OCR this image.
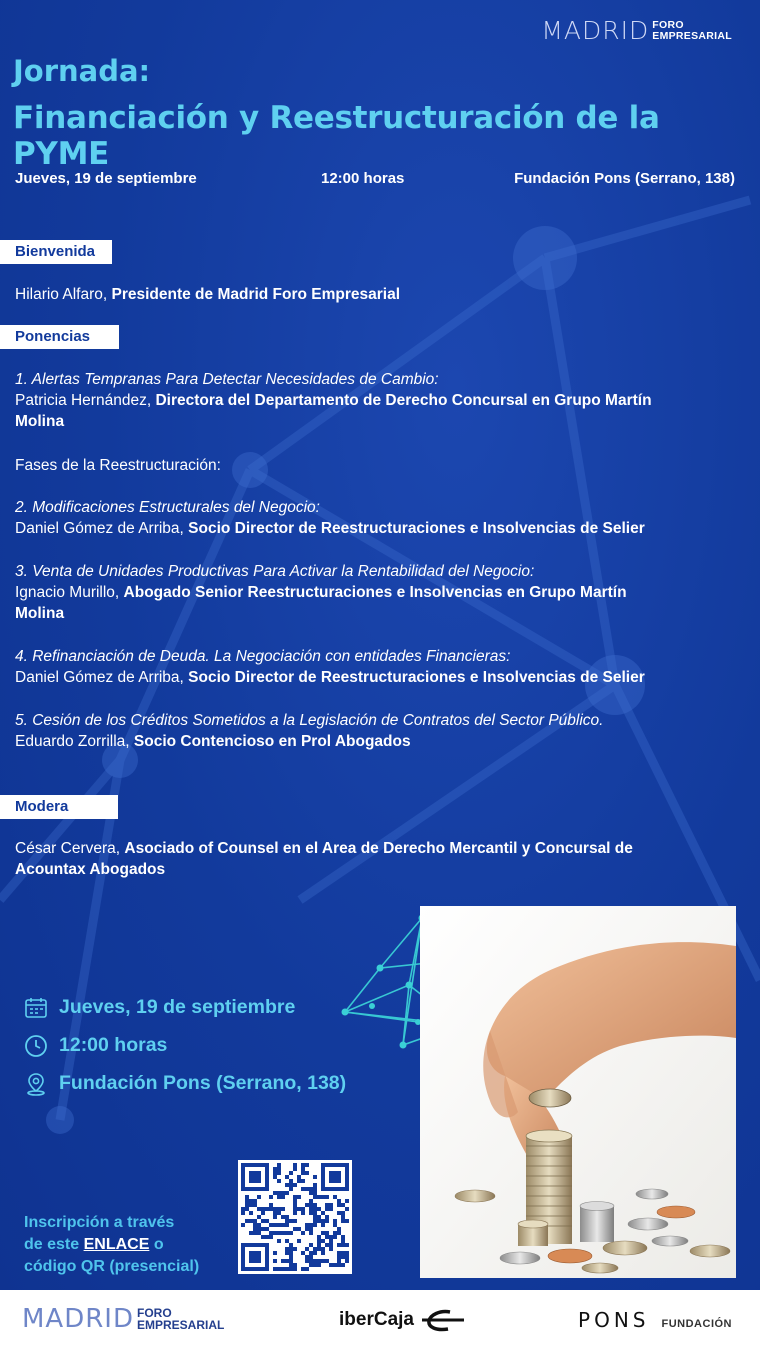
MADRID FORO
EMPRESARIAL
Jornada:
Financiación y Reestructuración de la PYME
Jueves, 19 de septiembre	12:00 horas	Fundación Pons (Serrano, 138)
Bienvenida
Hilario Alfaro, Presidente de Madrid Foro Empresarial
Ponencias
1. Alertas Tempranas Para Detectar Necesidades de Cambio:
Patricia Hernández, Directora del Departamento de Derecho Concursal en Grupo Martín Molina
Fases de la Reestructuración:
2. Modificaciones Estructurales del Negocio:
Daniel Gómez de Arriba, Socio Director de Reestructuraciones e Insolvencias de Selier
3. Venta de Unidades Productivas Para Activar la Rentabilidad del Negocio:
Ignacio Murillo, Abogado Senior Reestructuraciones e Insolvencias en Grupo Martín Molina
4. Refinanciación de Deuda. La Negociación con entidades Financieras:
Daniel Gómez de Arriba, Socio Director de Reestructuraciones e Insolvencias de Selier
5. Cesión de los Créditos Sometidos a la Legislación de Contratos del Sector Público.
Eduardo Zorrilla, Socio Contencioso en Prol Abogados
Modera
César Cervera, Asociado of Counsel en el Area de Derecho Mercantil y Concursal de Acountax Abogados
Jueves, 19 de septiembre
12:00 horas
Fundación Pons (Serrano, 138)
Inscripción a través
de este ENLACE o
código QR (presencial)
MADRID FORO
EMPRESARIAL	iberCaja	PONS FUNDACIÓN
